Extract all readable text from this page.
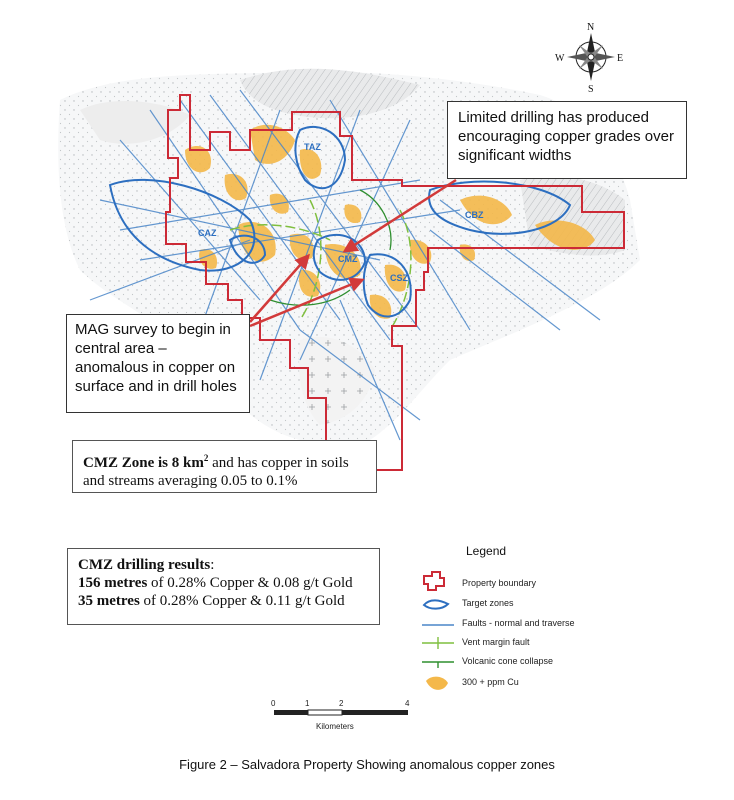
TAZ
CAZ
CMZ
CSZ
CBZ
N
S
E
W
0	1	2	4
Kilometers
Limited drilling has produced encouraging copper grades over significant widths
MAG survey to begin in central area – anomalous in copper on surface and in drill holes
CMZ Zone is 8 $km^2$ and has copper in soils and streams averaging 0.05 to 0.1%
CMZ drilling results:
156 metres of 0.28% Copper & 0.08 g/t Gold
35 metres of 0.28% Copper & 0.11 g/t Gold
Legend
Property boundary
Target zones
Faults - normal and traverse
Vent margin fault
Volcanic cone collapse
300 + ppm Cu
Figure 2 – Salvadora Property Showing anomalous copper zones
